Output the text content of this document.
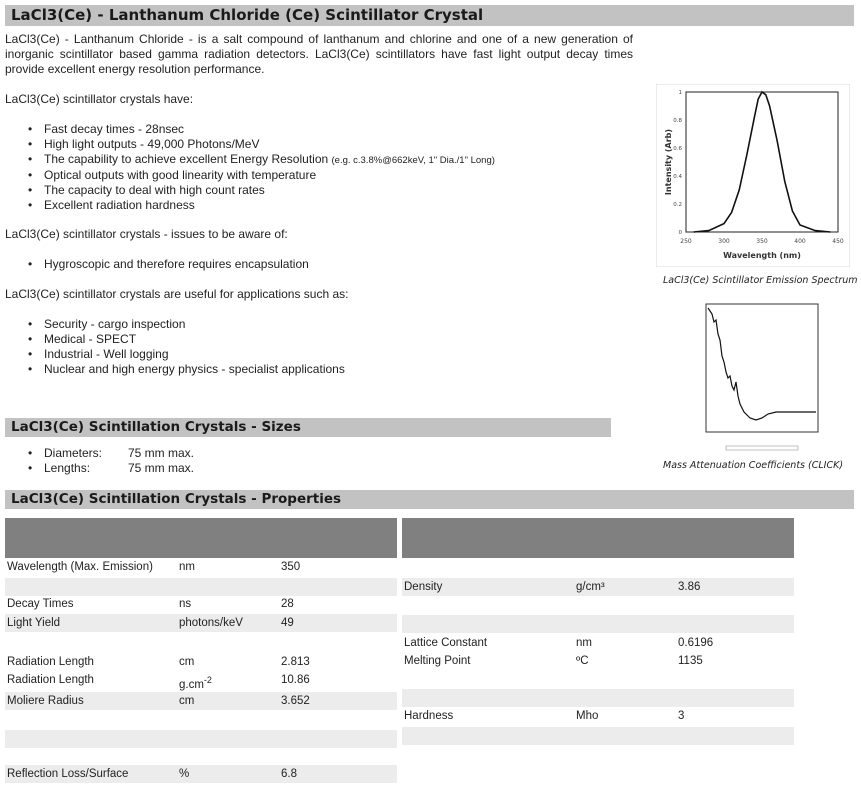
LaCl3(Ce) - Lanthanum Chloride (Ce) Scintillator Crystal

LaCl3(Ce) - Lanthanum Chloride - is a salt compound of lanthanum and chlorine and one of a new generation of inorganic scintillator based gamma radiation detectors. LaCl3(Ce) scintillators have fast light output decay times provide excellent energy resolution performance.

LaCl3(Ce) scintillator crystals have:

• Fast decay times - 28nsec
• High light outputs - 49,000 Photons/MeV
• The capability to achieve excellent Energy Resolution (e.g. c.3.8%@662keV, 1" Dia./1" Long)
• Optical outputs with good linearity with temperature
• The capacity to deal with high count rates
• Excellent radiation hardness

LaCl3(Ce) scintillator crystals - issues to be aware of:

• Hygroscopic and therefore requires encapsulation

LaCl3(Ce) scintillator crystals are useful for applications such as:

• Security - cargo inspection
• Medical - SPECT
• Industrial - Well logging
• Nuclear and high energy physics - specialist applications
LaCl3(Ce) Scintillation Crystals - Sizes
• Diameters: 75 mm max.
• Lengths:	75 mm max.
0
0.2
0.4
0.6
0.8
1
250	300	350	400	450
Wavelength (nm)
Intensity (Arb)
LaCl3(Ce) Scintillator Emission Spectrum
Mass Attenuation Coefficients (CLICK)
LaCl3(Ce) Scintillation Crystals - Properties
Wavelength (Max. Emission) nm	350
Decay Times	ns	28
Light Yield	photons/keV	49
Radiation Length	cm	2.813
Radiation Length	$g.cm^{-2}$	10.86
Moliere Radius	cm	3.652
Reflection Loss/Surface	%	6.8
Density	g/cm³	3.86
Lattice Constant	nm	0.6196
Melting Point	ºC	1135
Hardness	Mho	3
